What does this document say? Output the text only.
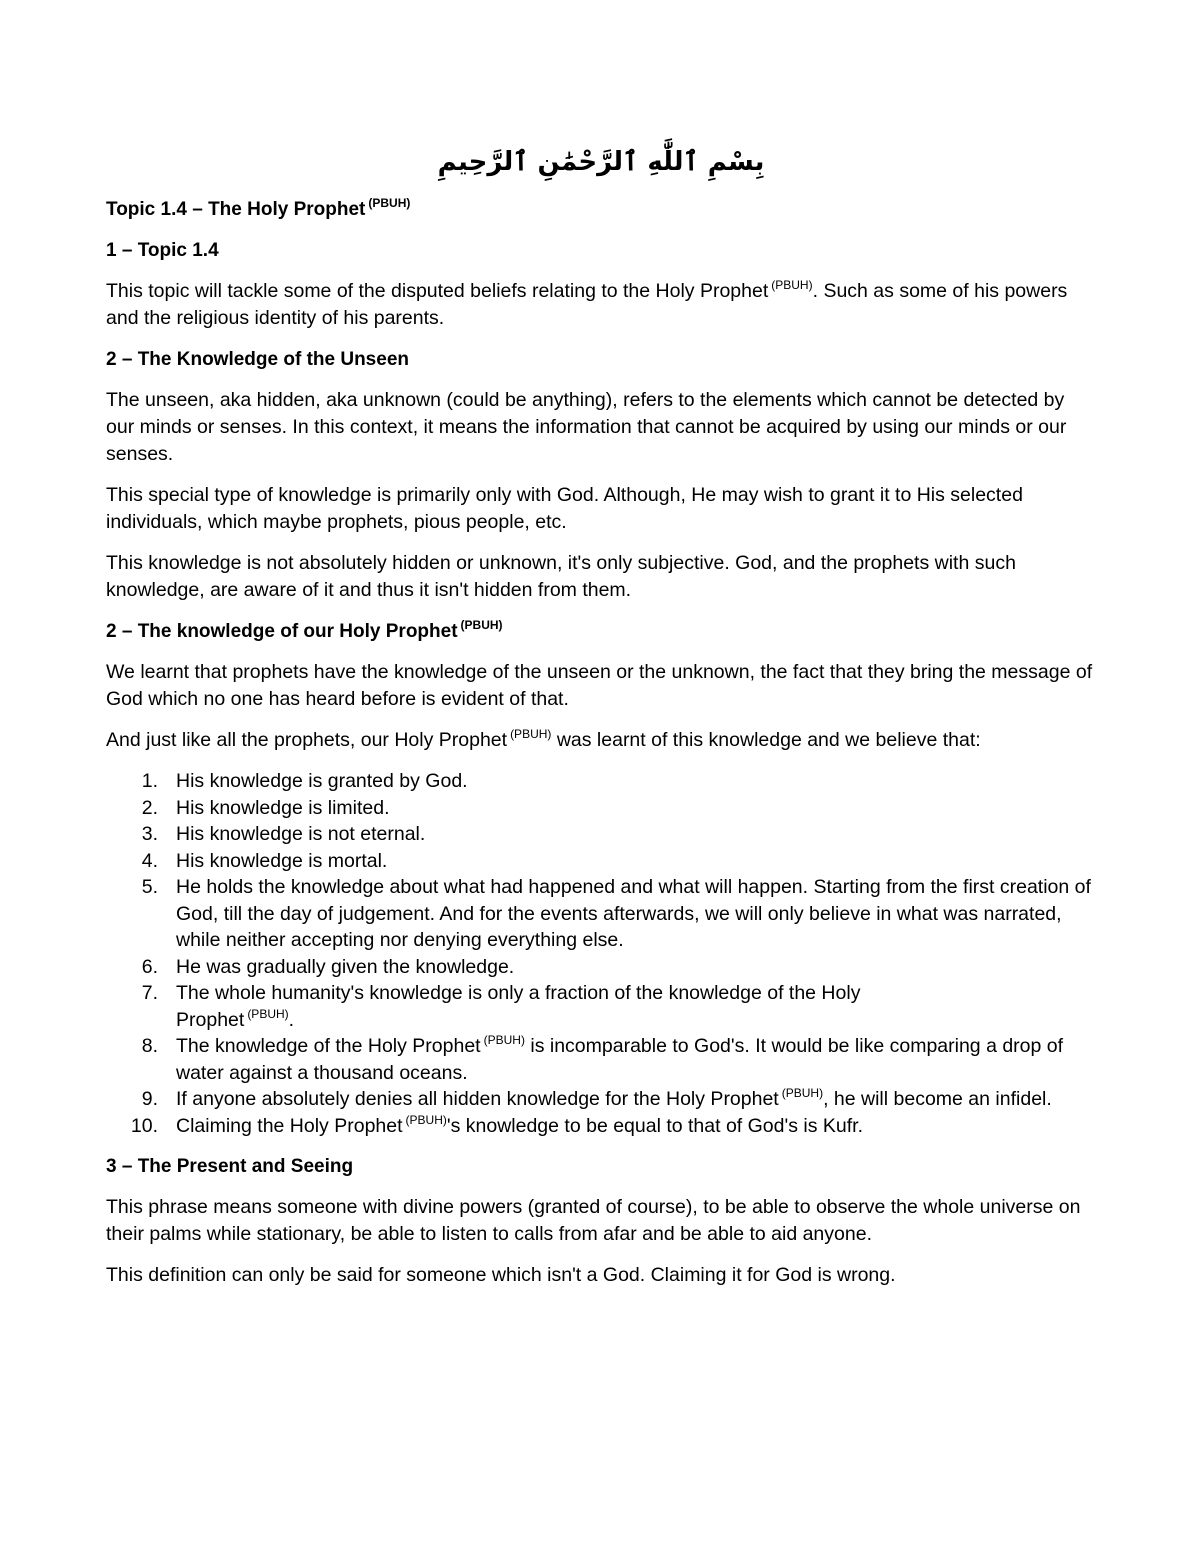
بِسْمِ ٱللَّٰهِ ٱلرَّحْمَٰنِ ٱلرَّحِيمِ
Topic 1.4 – The Holy Prophet $^{(PBUH)}$
1 – Topic 1.4
This topic will tackle some of the disputed beliefs relating to the Holy Prophet $^{(PBUH)}$. Such as some of his powers and the religious identity of his parents.
2 – The Knowledge of the Unseen
The unseen, aka hidden, aka unknown (could be anything), refers to the elements which cannot be detected by our minds or senses. In this context, it means the information that cannot be acquired by using our minds or our senses.
This special type of knowledge is primarily only with God. Although, He may wish to grant it to His selected individuals, which maybe prophets, pious people, etc.
This knowledge is not absolutely hidden or unknown, it's only subjective. God, and the prophets with such knowledge, are aware of it and thus it isn't hidden from them.
2 – The knowledge of our Holy Prophet $^{(PBUH)}$
We learnt that prophets have the knowledge of the unseen or the unknown, the fact that they bring the message of God which no one has heard before is evident of that.
And just like all the prophets, our Holy Prophet $^{(PBUH)}$ was learnt of this knowledge and we believe that:
1. His knowledge is granted by God.
2. His knowledge is limited.
3. His knowledge is not eternal.
4. His knowledge is mortal.
5. He holds the knowledge about what had happened and what will happen. Starting from the first creation of God, till the day of judgement. And for the events afterwards, we will only believe in what was narrated, while neither accepting nor denying everything else.
6. He was gradually given the knowledge.
7. The whole humanity's knowledge is only a fraction of the knowledge of the Holy
Prophet $^{(PBUH)}$.
8. The knowledge of the Holy Prophet $^{(PBUH)}$ is incomparable to God's. It would be like comparing a drop of water against a thousand oceans.
9. If anyone absolutely denies all hidden knowledge for the Holy Prophet $^{(PBUH)}$, he will become an infidel.
10. Claiming the Holy Prophet $^{(PBUH)}$'s knowledge to be equal to that of God's is Kufr.
3 – The Present and Seeing
This phrase means someone with divine powers (granted of course), to be able to observe the whole universe on their palms while stationary, be able to listen to calls from afar and be able to aid anyone.
This definition can only be said for someone which isn't a God. Claiming it for God is wrong.
